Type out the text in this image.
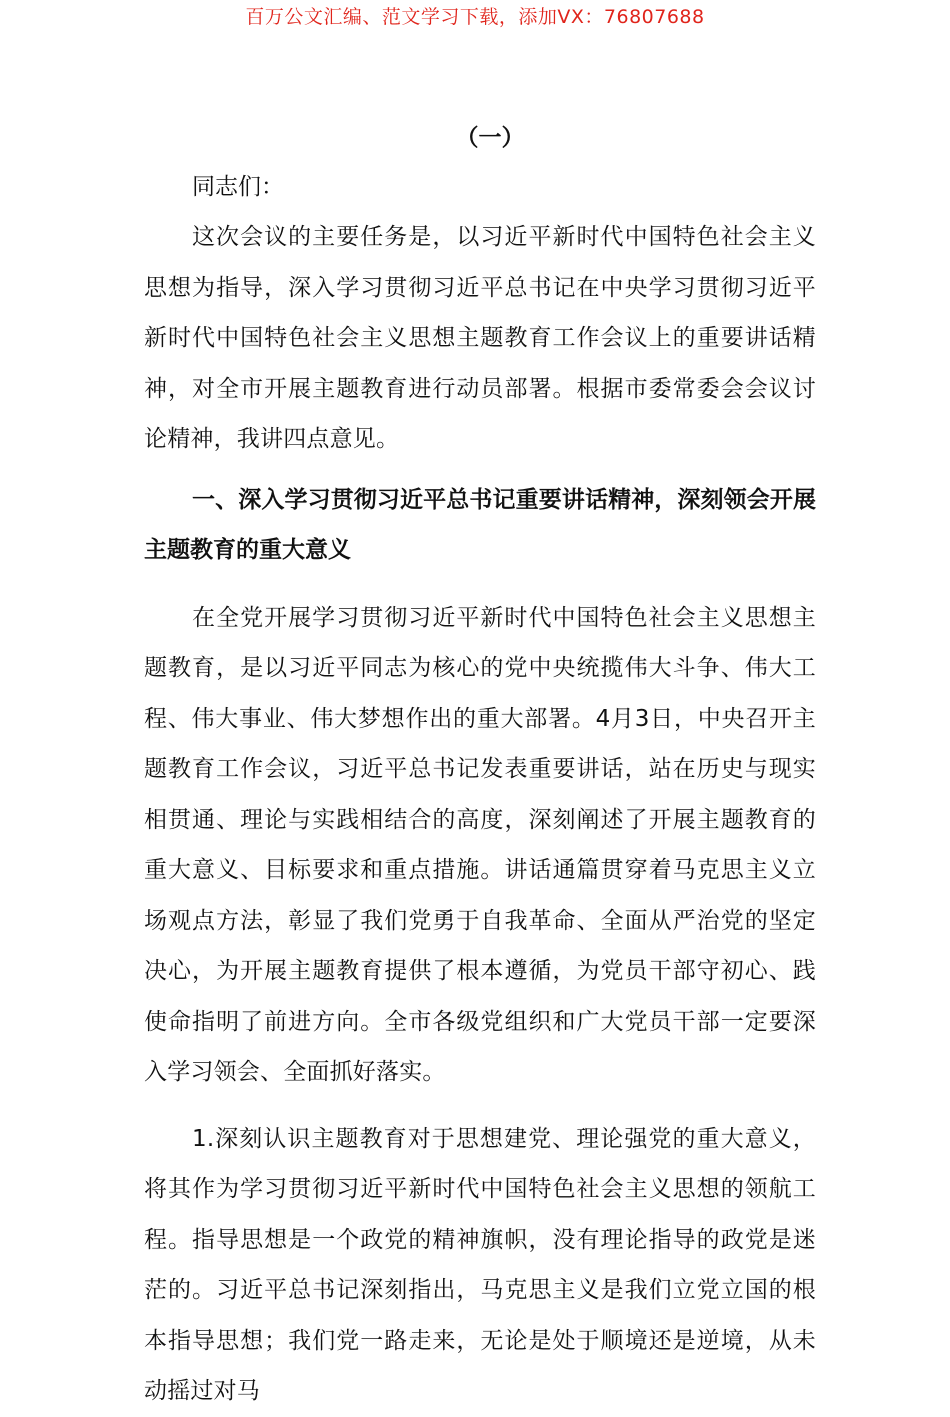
百万公文汇编、范文学习下载，添加VX：76807688
（一）

同志们：

这次会议的主要任务是，以习近平新时代中国特色社会主义思想为指导，深入学习贯彻习近平总书记在中央学习贯彻习近平新时代中国特色社会主义思想主题教育工作会议上的重要讲话精神，对全市开展主题教育进行动员部署。根据市委常委会会议讨论精神，我讲四点意见。

一、深入学习贯彻习近平总书记重要讲话精神，深刻领会开展主题教育的重大意义

在全党开展学习贯彻习近平新时代中国特色社会主义思想主题教育，是以习近平同志为核心的党中央统揽伟大斗争、伟大工程、伟大事业、伟大梦想作出的重大部署。4月3日，中央召开主题教育工作会议，习近平总书记发表重要讲话，站在历史与现实相贯通、理论与实践相结合的高度，深刻阐述了开展主题教育的重大意义、目标要求和重点措施。讲话通篇贯穿着马克思主义立场观点方法，彰显了我们党勇于自我革命、全面从严治党的坚定决心，为开展主题教育提供了根本遵循，为党员干部守初心、践使命指明了前进方向。全市各级党组织和广大党员干部一定要深入学习领会、全面抓好落实。

1.深刻认识主题教育对于思想建党、理论强党的重大意义，将其作为学习贯彻习近平新时代中国特色社会主义思想的领航工程。指导思想是一个政党的精神旗帜，没有理论指导的政党是迷茫的。习近平总书记深刻指出，马克思主义是我们立党立国的根本指导思想；我们党一路走来，无论是处于顺境还是逆境，从未动摇过对马
